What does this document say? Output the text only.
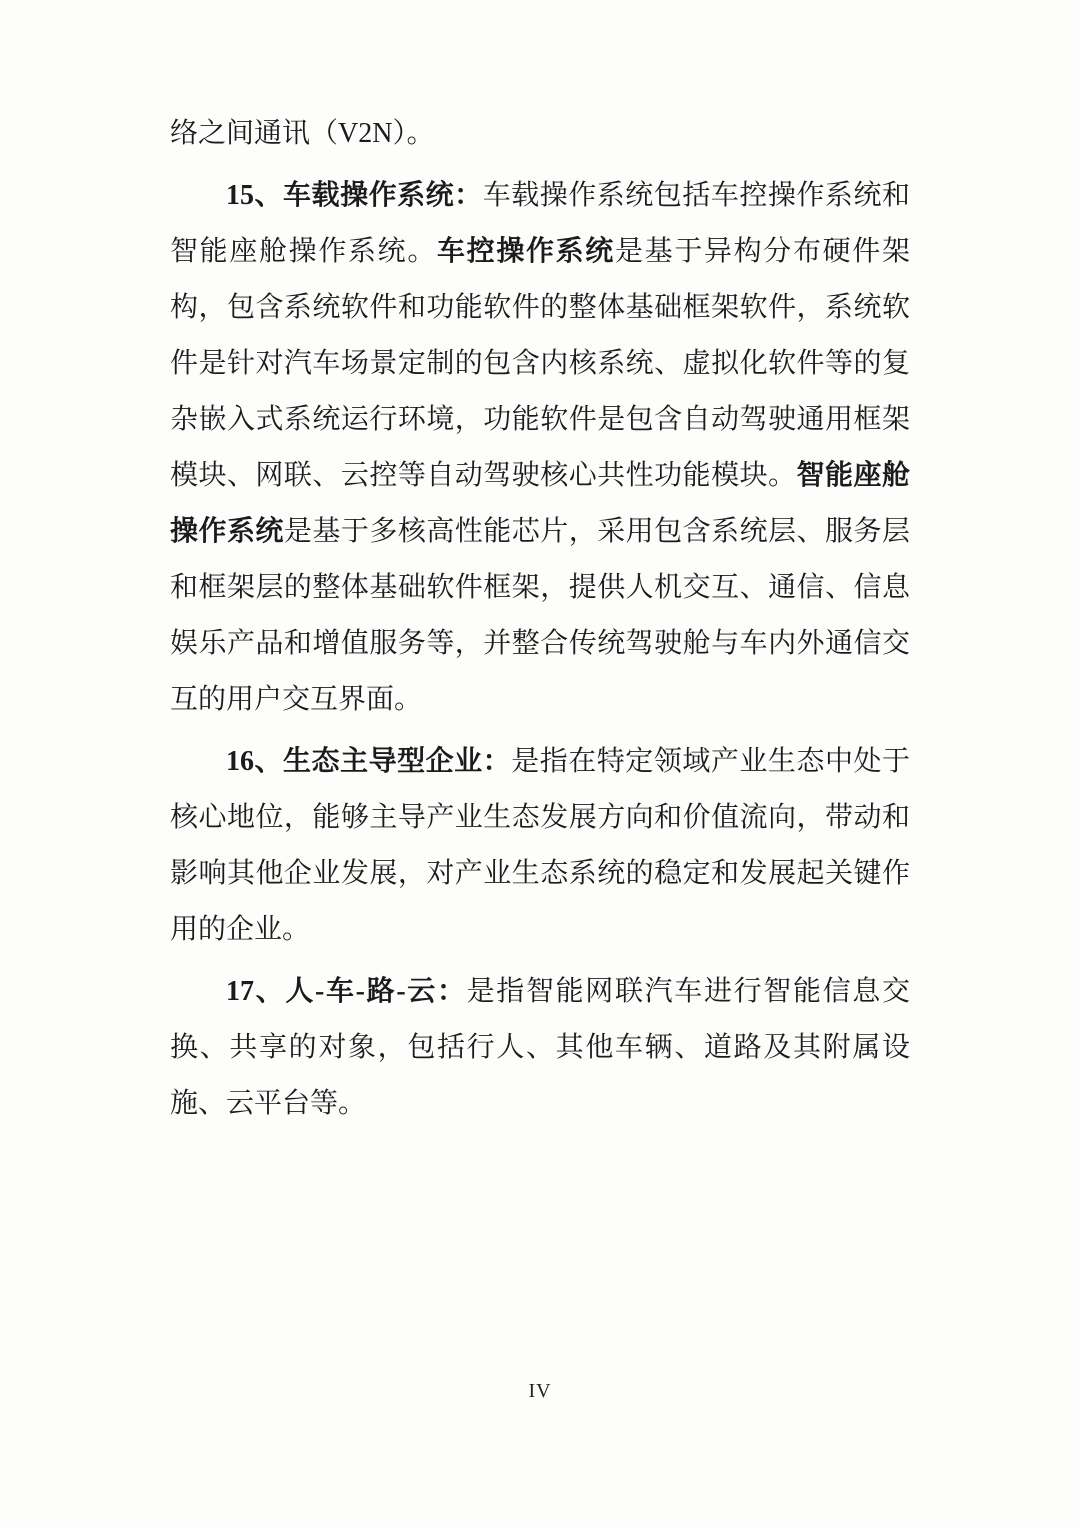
络之间通讯（V2N）。

15、车载操作系统：车载操作系统包括车控操作系统和智能座舱操作系统。车控操作系统是基于异构分布硬件架构，包含系统软件和功能软件的整体基础框架软件，系统软件是针对汽车场景定制的包含内核系统、虚拟化软件等的复杂嵌入式系统运行环境，功能软件是包含自动驾驶通用框架模块、网联、云控等自动驾驶核心共性功能模块。智能座舱操作系统是基于多核高性能芯片，采用包含系统层、服务层和框架层的整体基础软件框架，提供人机交互、通信、信息娱乐产品和增值服务等，并整合传统驾驶舱与车内外通信交互的用户交互界面。

16、生态主导型企业：是指在特定领域产业生态中处于核心地位，能够主导产业生态发展方向和价值流向，带动和影响其他企业发展，对产业生态系统的稳定和发展起关键作用的企业。

17、人-车-路-云：是指智能网联汽车进行智能信息交换、共享的对象，包括行人、其他车辆、道路及其附属设施、云平台等。

IV
